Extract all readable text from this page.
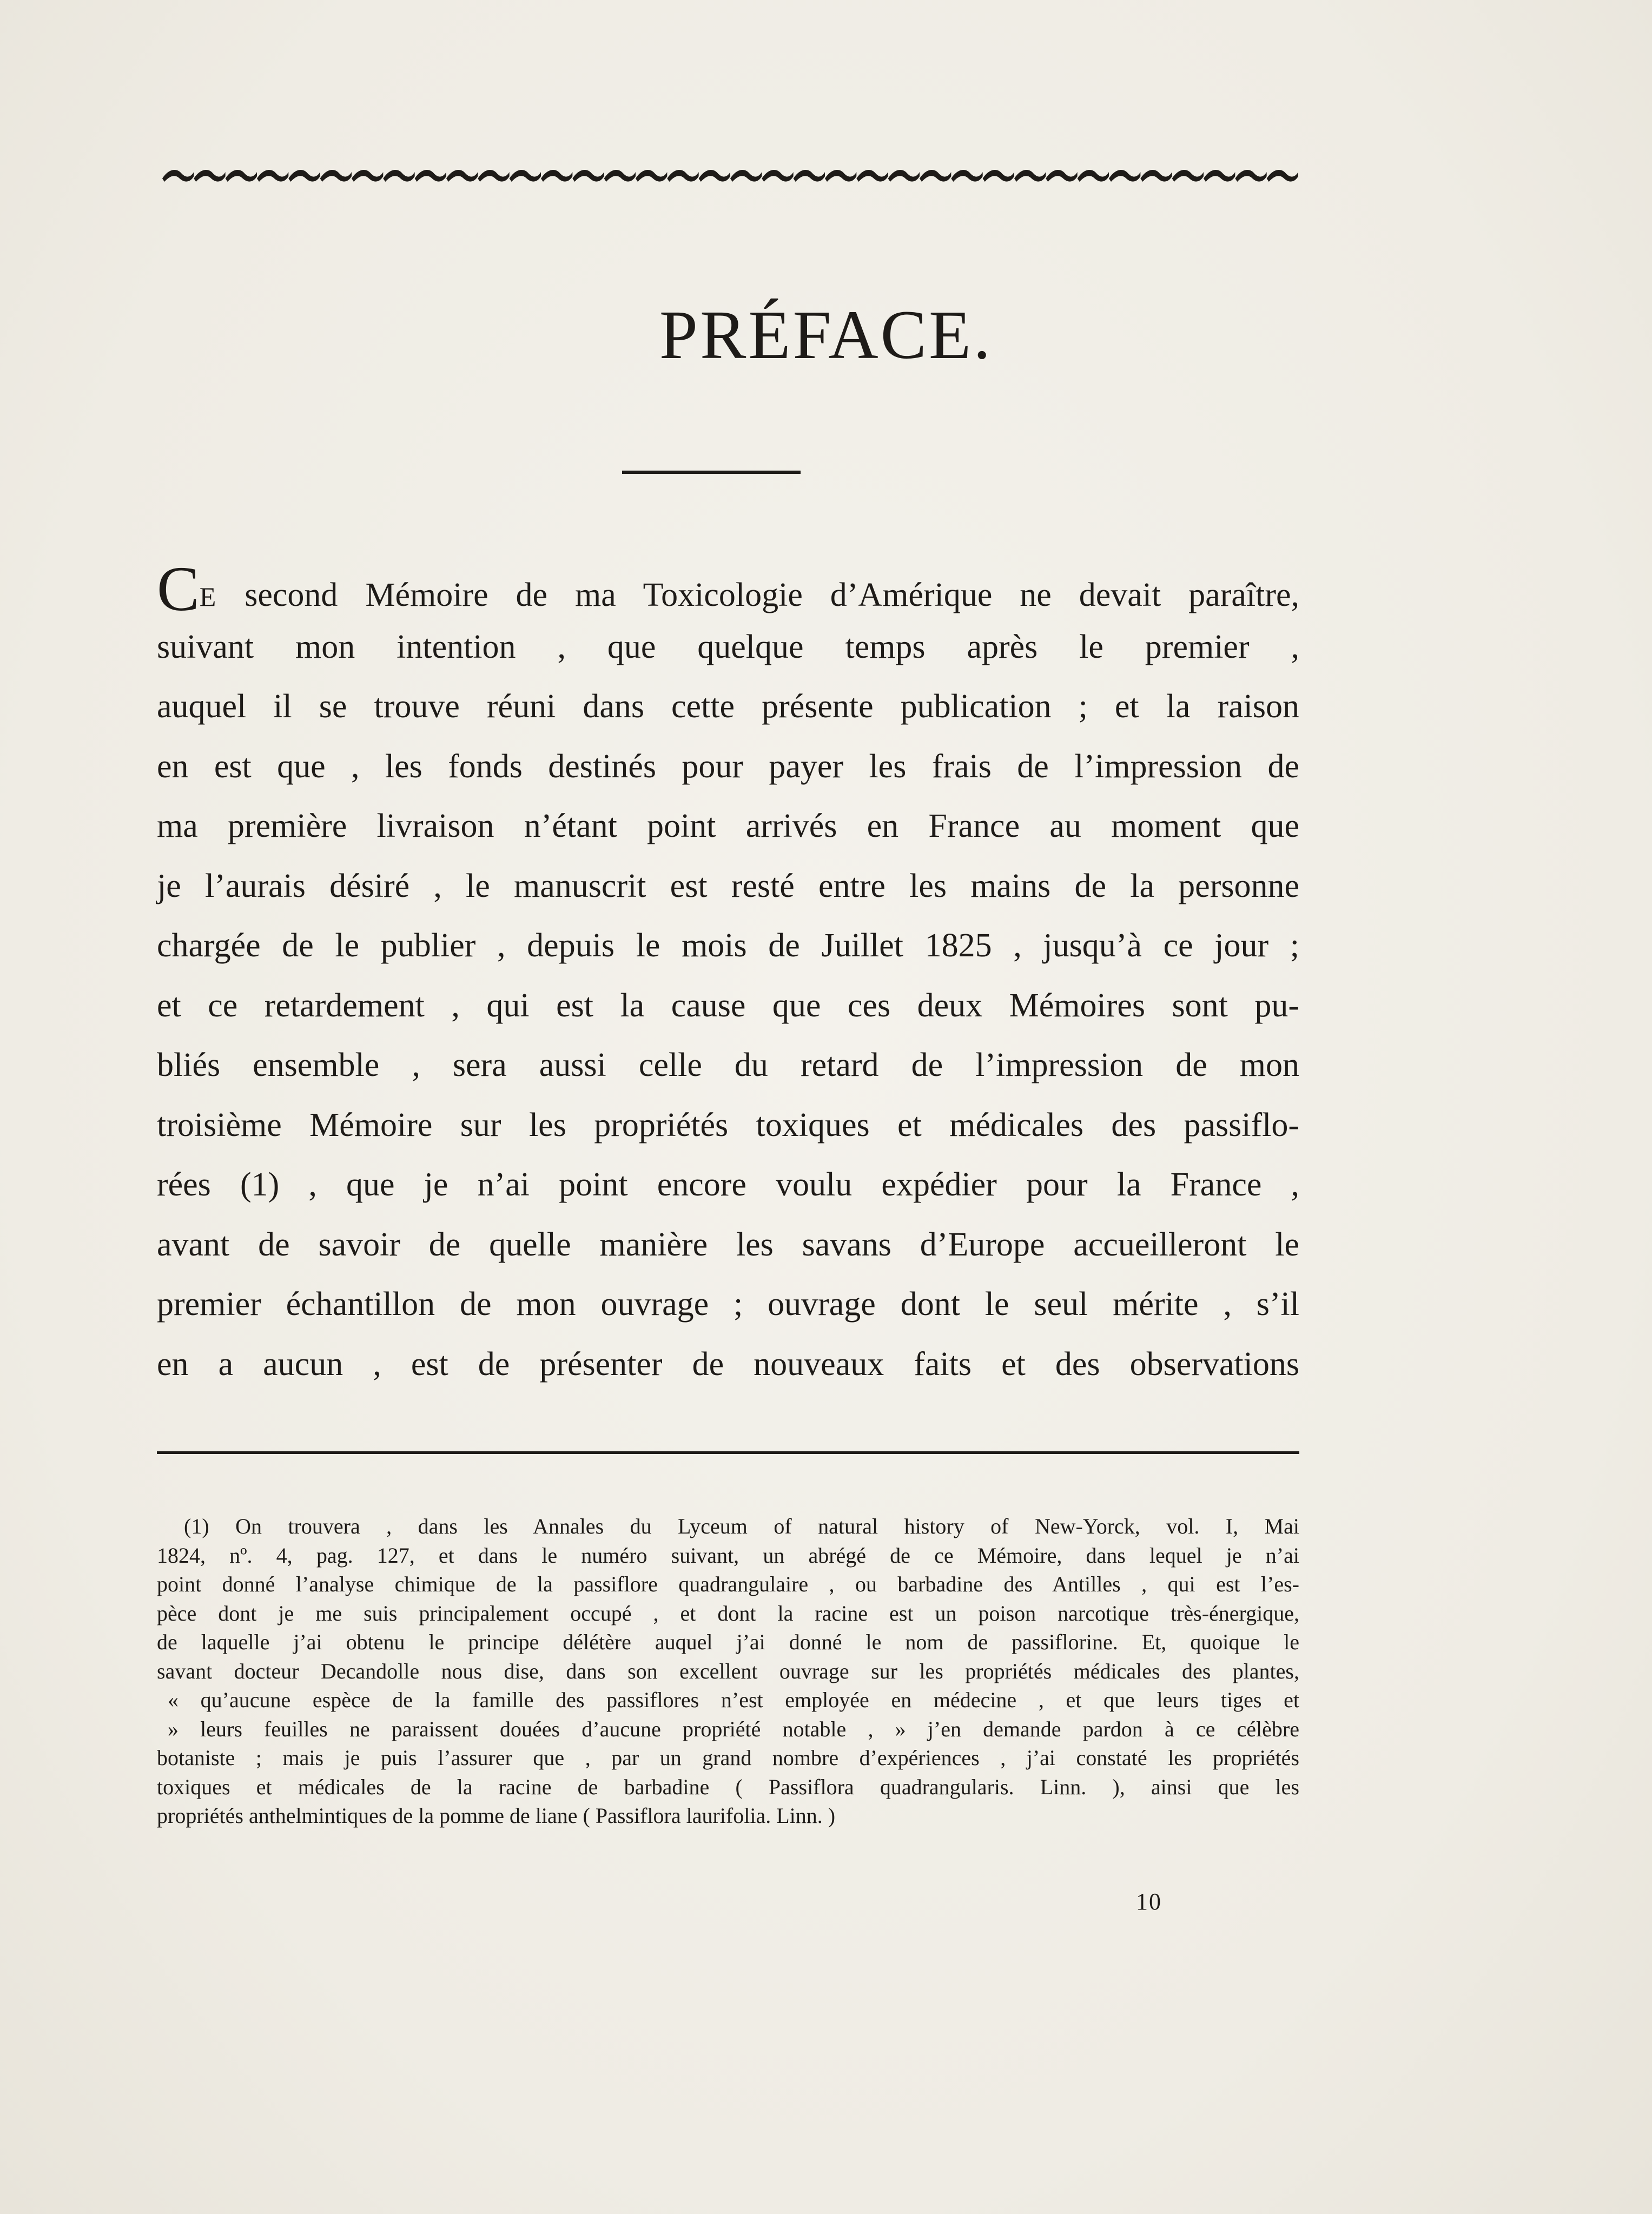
PRÉFACE.
CE second Mémoire de ma Toxicologie d’Amérique ne devait paraître,
suivant mon intention , que quelque temps après le premier ,
auquel il se trouve réuni dans cette présente publication ; et la raison
en est que , les fonds destinés pour payer les frais de l’impression de
ma première livraison n’étant point arrivés en France au moment que
je l’aurais désiré , le manuscrit est resté entre les mains de la personne
chargée de le publier , depuis le mois de Juillet 1825 , jusqu’à ce jour ;
et ce retardement , qui est la cause que ces deux Mémoires sont pu-
bliés ensemble , sera aussi celle du retard de l’impression de mon
troisième Mémoire sur les propriétés toxiques et médicales des passiflo-
rées (1) , que je n’ai point encore voulu expédier pour la France ,
avant de savoir de quelle manière les savans d’Europe accueilleront le
premier échantillon de mon ouvrage ; ouvrage dont le seul mérite , s’il
en a aucun , est de présenter de nouveaux faits et des observations
(1) On trouvera , dans les Annales du Lyceum of natural history of New-Yorck, vol. I, Mai
1824, nº. 4, pag. 127, et dans le numéro suivant, un abrégé de ce Mémoire, dans lequel je n’ai
point donné l’analyse chimique de la passiflore quadrangulaire , ou barbadine des Antilles , qui est l’es-
pèce dont je me suis principalement occupé , et dont la racine est un poison narcotique très-énergique,
de laquelle j’ai obtenu le principe délétère auquel j’ai donné le nom de passiflorine. Et, quoique le
savant docteur Decandolle nous dise, dans son excellent ouvrage sur les propriétés médicales des plantes,
« qu’aucune espèce de la famille des passiflores n’est employée en médecine , et que leurs tiges et
» leurs feuilles ne paraissent douées d’aucune propriété notable , » j’en demande pardon à ce célèbre
botaniste ; mais je puis l’assurer que , par un grand nombre d’expériences , j’ai constaté les propriétés
toxiques et médicales de la racine de barbadine ( Passiflora quadrangularis. Linn. ), ainsi que les
propriétés anthelmintiques de la pomme de liane ( Passiflora laurifolia. Linn. )
10
